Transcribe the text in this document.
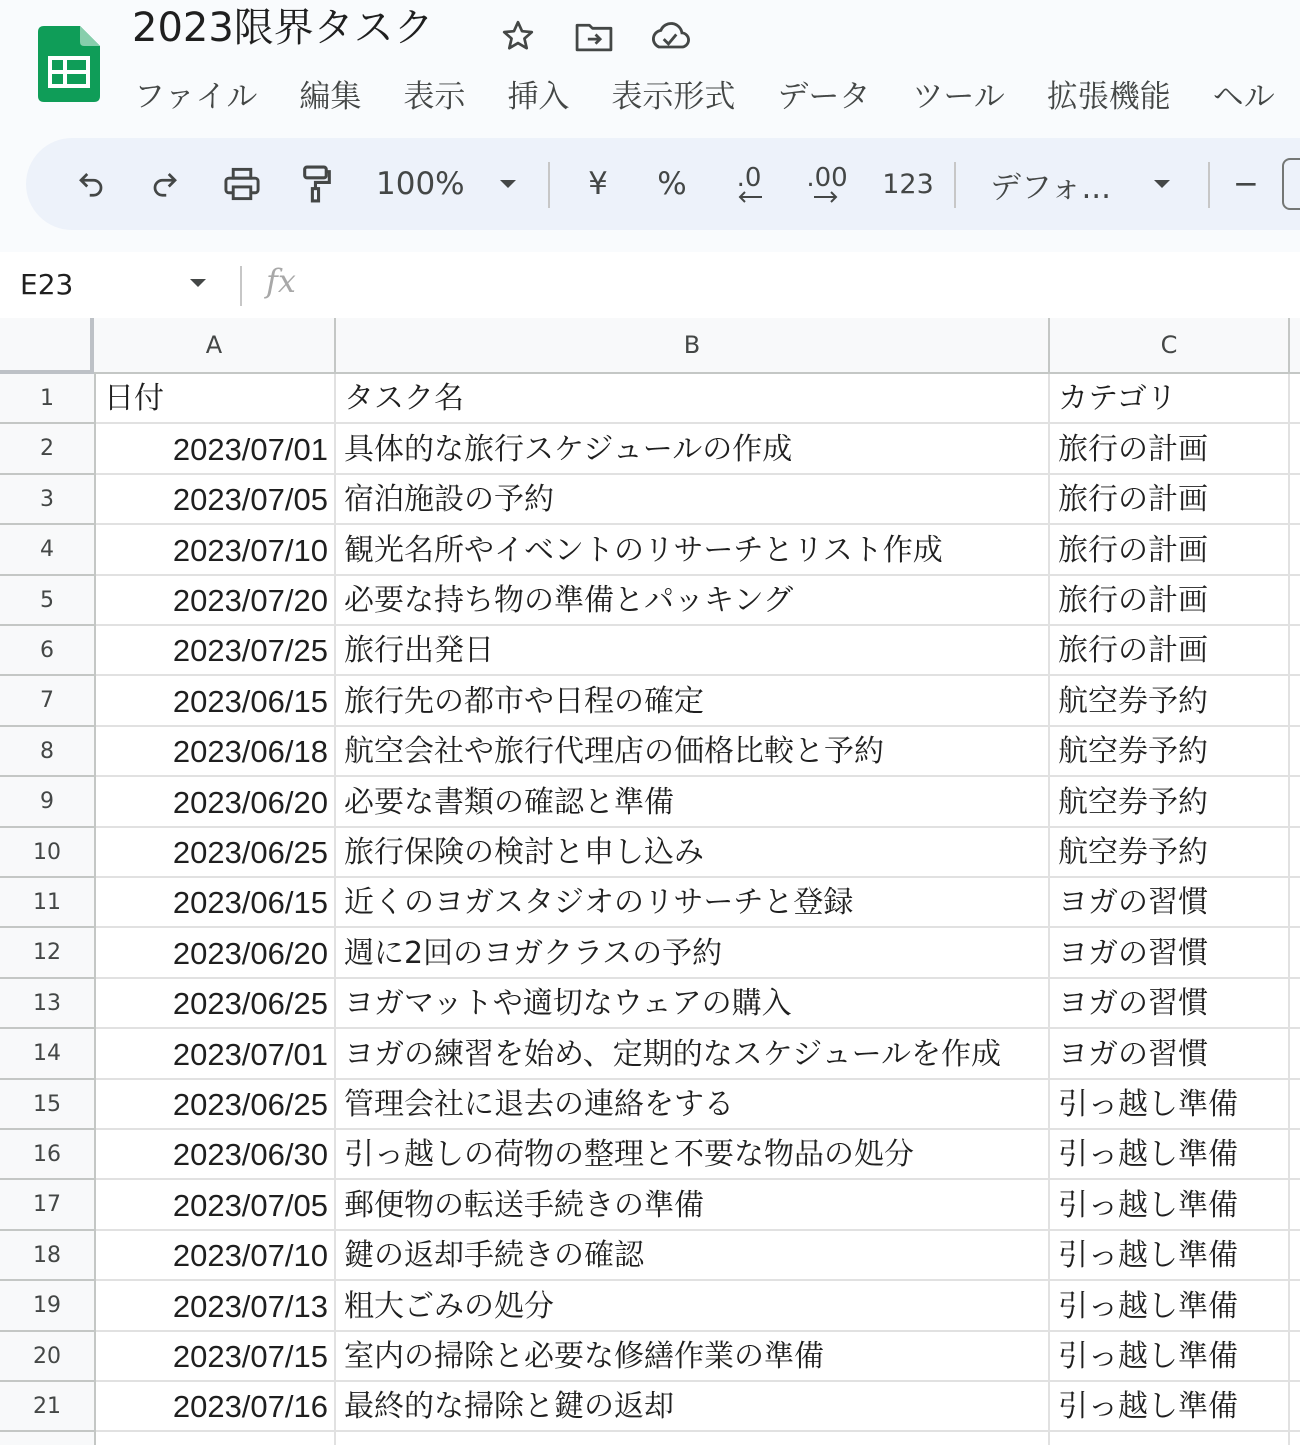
2023限界タスク
ファイル 編集 表示 挿入 表示形式 データ ツール 拡張機能 ヘル
100%	¥ % .0 .00 123 デフォ...	−
E23	fx
A	B	C
1	日付	タスク名	カテゴリ
2	2023/07/01 具体的な旅行スケジュールの作成	旅行の計画
3	2023/07/05 宿泊施設の予約	旅行の計画
4	2023/07/10 観光名所やイベントのリサーチとリスト作成	旅行の計画
5	2023/07/20 必要な持ち物の準備とパッキング	旅行の計画
6	2023/07/25 旅行出発日	旅行の計画
7	2023/06/15 旅行先の都市や日程の確定	航空券予約
8	2023/06/18 航空会社や旅行代理店の価格比較と予約	航空券予約
9	2023/06/20 必要な書類の確認と準備	航空券予約
10	2023/06/25 旅行保険の検討と申し込み	航空券予約
11	2023/06/15 近くのヨガスタジオのリサーチと登録	ヨガの習慣
12	2023/06/20 週に2回のヨガクラスの予約	ヨガの習慣
13	2023/06/25 ヨガマットや適切なウェアの購入	ヨガの習慣
14	2023/07/01 ヨガの練習を始め、定期的なスケジュールを作成	ヨガの習慣
15	2023/06/25 管理会社に退去の連絡をする	引っ越し準備
16	2023/06/30 引っ越しの荷物の整理と不要な物品の処分	引っ越し準備
17	2023/07/05 郵便物の転送手続きの準備	引っ越し準備
18	2023/07/10 鍵の返却手続きの確認	引っ越し準備
19	2023/07/13 粗大ごみの処分	引っ越し準備
20	2023/07/15 室内の掃除と必要な修繕作業の準備	引っ越し準備
21	2023/07/16 最終的な掃除と鍵の返却	引っ越し準備
